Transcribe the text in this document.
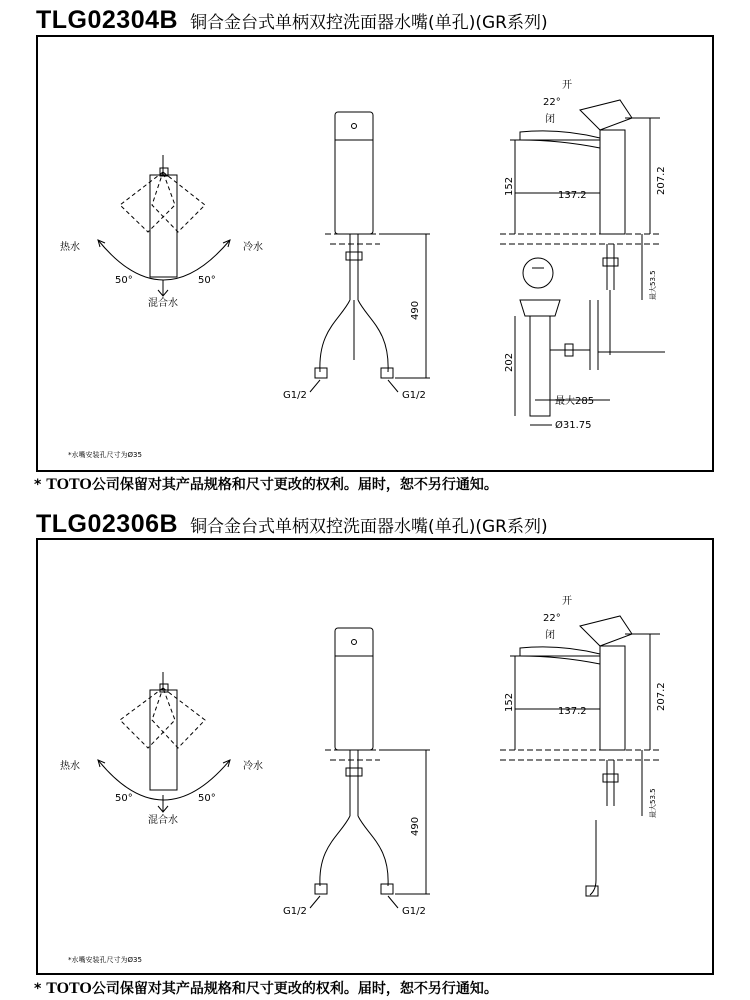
TLG02304B 铜合金台式单柄双控洗面器水嘴(单孔)(GR系列)
热水	冷水
50°	50°
混合水	490
G1/2	G1/2
开
22°
闭
152	137.2
207.2
最大53.5
202
最大285
Ø31.75
*水嘴安装孔尺寸为Ø35
* TOTO公司保留对其产品规格和尺寸更改的权利。届时，恕不另行通知。
TLG02306B 铜合金台式单柄双控洗面器水嘴(单孔)(GR系列)
热水	冷水
50°	50°
混合水	490
G1/2	G1/2
开
22°
闭
152	137.2
207.2
最大53.5
*水嘴安装孔尺寸为Ø35
* TOTO公司保留对其产品规格和尺寸更改的权利。届时，恕不另行通知。
